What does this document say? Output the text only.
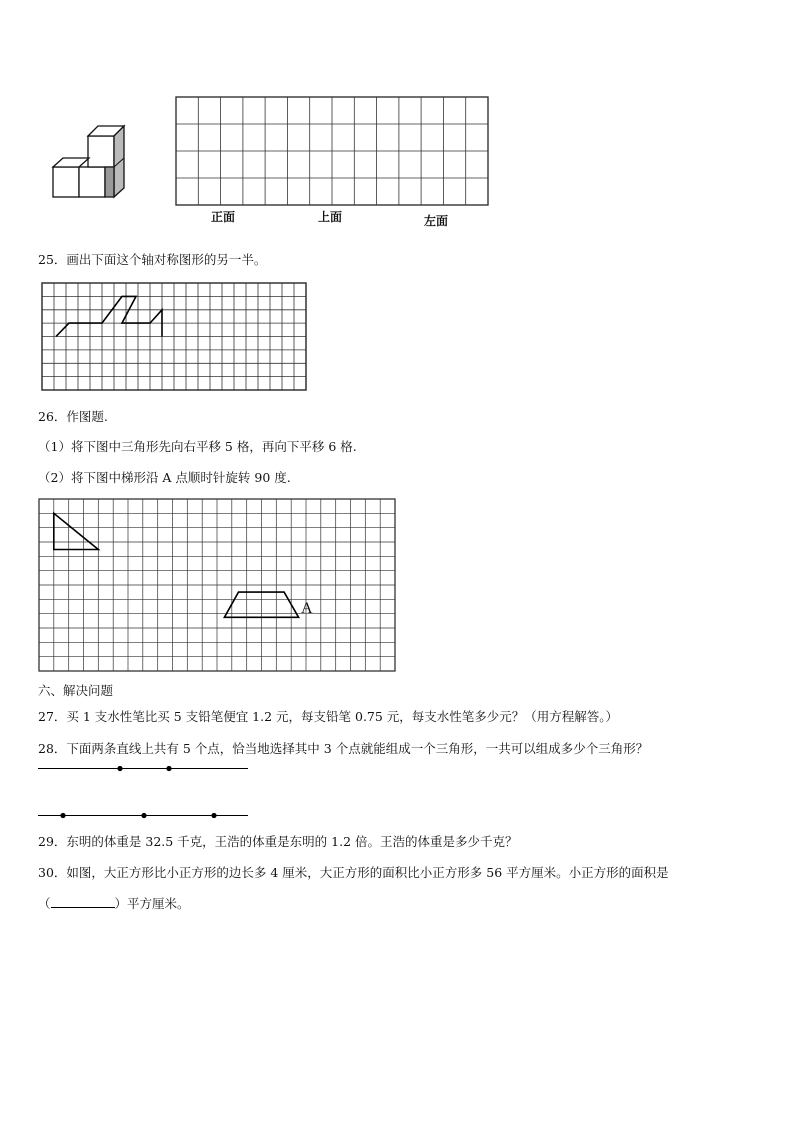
正面	上面	左面
25．画出下面这个轴对称图形的另一半。
26．作图题.
（1）将下图中三角形先向右平移 5 格，再向下平移 6 格.
（2）将下图中梯形沿 A 点顺时针旋转 90 度.
A
六、解决问题
27．买 1 支水性笔比买 5 支铅笔便宜 1.2 元，每支铅笔 0.75 元，每支水性笔多少元？（用方程解答。）
28．下面两条直线上共有 5 个点，恰当地选择其中 3 个点就能组成一个三角形，一共可以组成多少个三角形？
29．东明的体重是 32.5 千克，王浩的体重是东明的 1.2 倍。王浩的体重是多少千克？
30．如图，大正方形比小正方形的边长多 4 厘米，大正方形的面积比小正方形多 56 平方厘米。小正方形的面积是
（	）平方厘米。
